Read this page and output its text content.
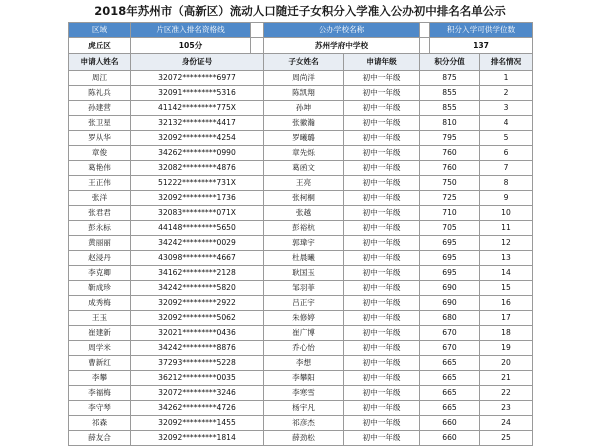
2018年苏州市（高新区）流动人口随迁子女积分入学准入公办初中排名名单公示
区域	片区准入排名资格线		公办学校名称			积分入学可供学位数	
虎丘区	105分		苏州学府中学校			137	
申请人姓名	身份证号		子女姓名	申请年级	积分分值		排名情况
周江	32072*********6977		周尚洋	初中一年级	875		1
陈礼兵	32091*********5316		陈凯翔	初中一年级	855		2
孙建营	41142*********775X		孙坤	初中一年级	855		3
张卫星	32132*********4417		张徽瀚	初中一年级	810		4
罗从华	32092*********4254		罗曦璐	初中一年级	795		5
章俊	34262*********0990		章先烁	初中一年级	760		6
葛艳伟	32082*********4876		葛函文	初中一年级	760		7
王正伟	51222*********731X		王亮	初中一年级	750		8
张洋	32092*********1736		张柯桐	初中一年级	725		9
张君君	32083*********071X		张越	初中一年级	710		10
彭永标	44148*********5650		彭裕杭	初中一年级	705		11
黄丽丽	34242*********0029		郭瑋宇	初中一年级	695		12
赵浸丹	43098*********4667		杜晨曦	初中一年级	695		13
李克卿	34162*********2128		耿国玉	初中一年级	695		14
靳成珍	34242*********5820		邹羽菲	初中一年级	690		15
成秀梅	32092*********2922		吕正宇	初中一年级	690		16
王玉	32092*********5062		朱修婷	初中一年级	680		17
崔建新	32021*********0436		崔广博	初中一年级	670		18
周学米	34242*********8876		乔心怡	初中一年级	670		19
曹新红	37293*********5228		李想	初中一年级	665		20
李攀	36212*********0035		李攀阳	初中一年级	665		21
李福梅	32072*********3246		李寒雪	初中一年级	665		22
李守琴	34262*********4726		杨宇凡	初中一年级	665		23
祁森	32092*********1455		祁彦杰	初中一年级	660		24
薛友合	32092*********1814		薛劲松	初中一年级	660		25
